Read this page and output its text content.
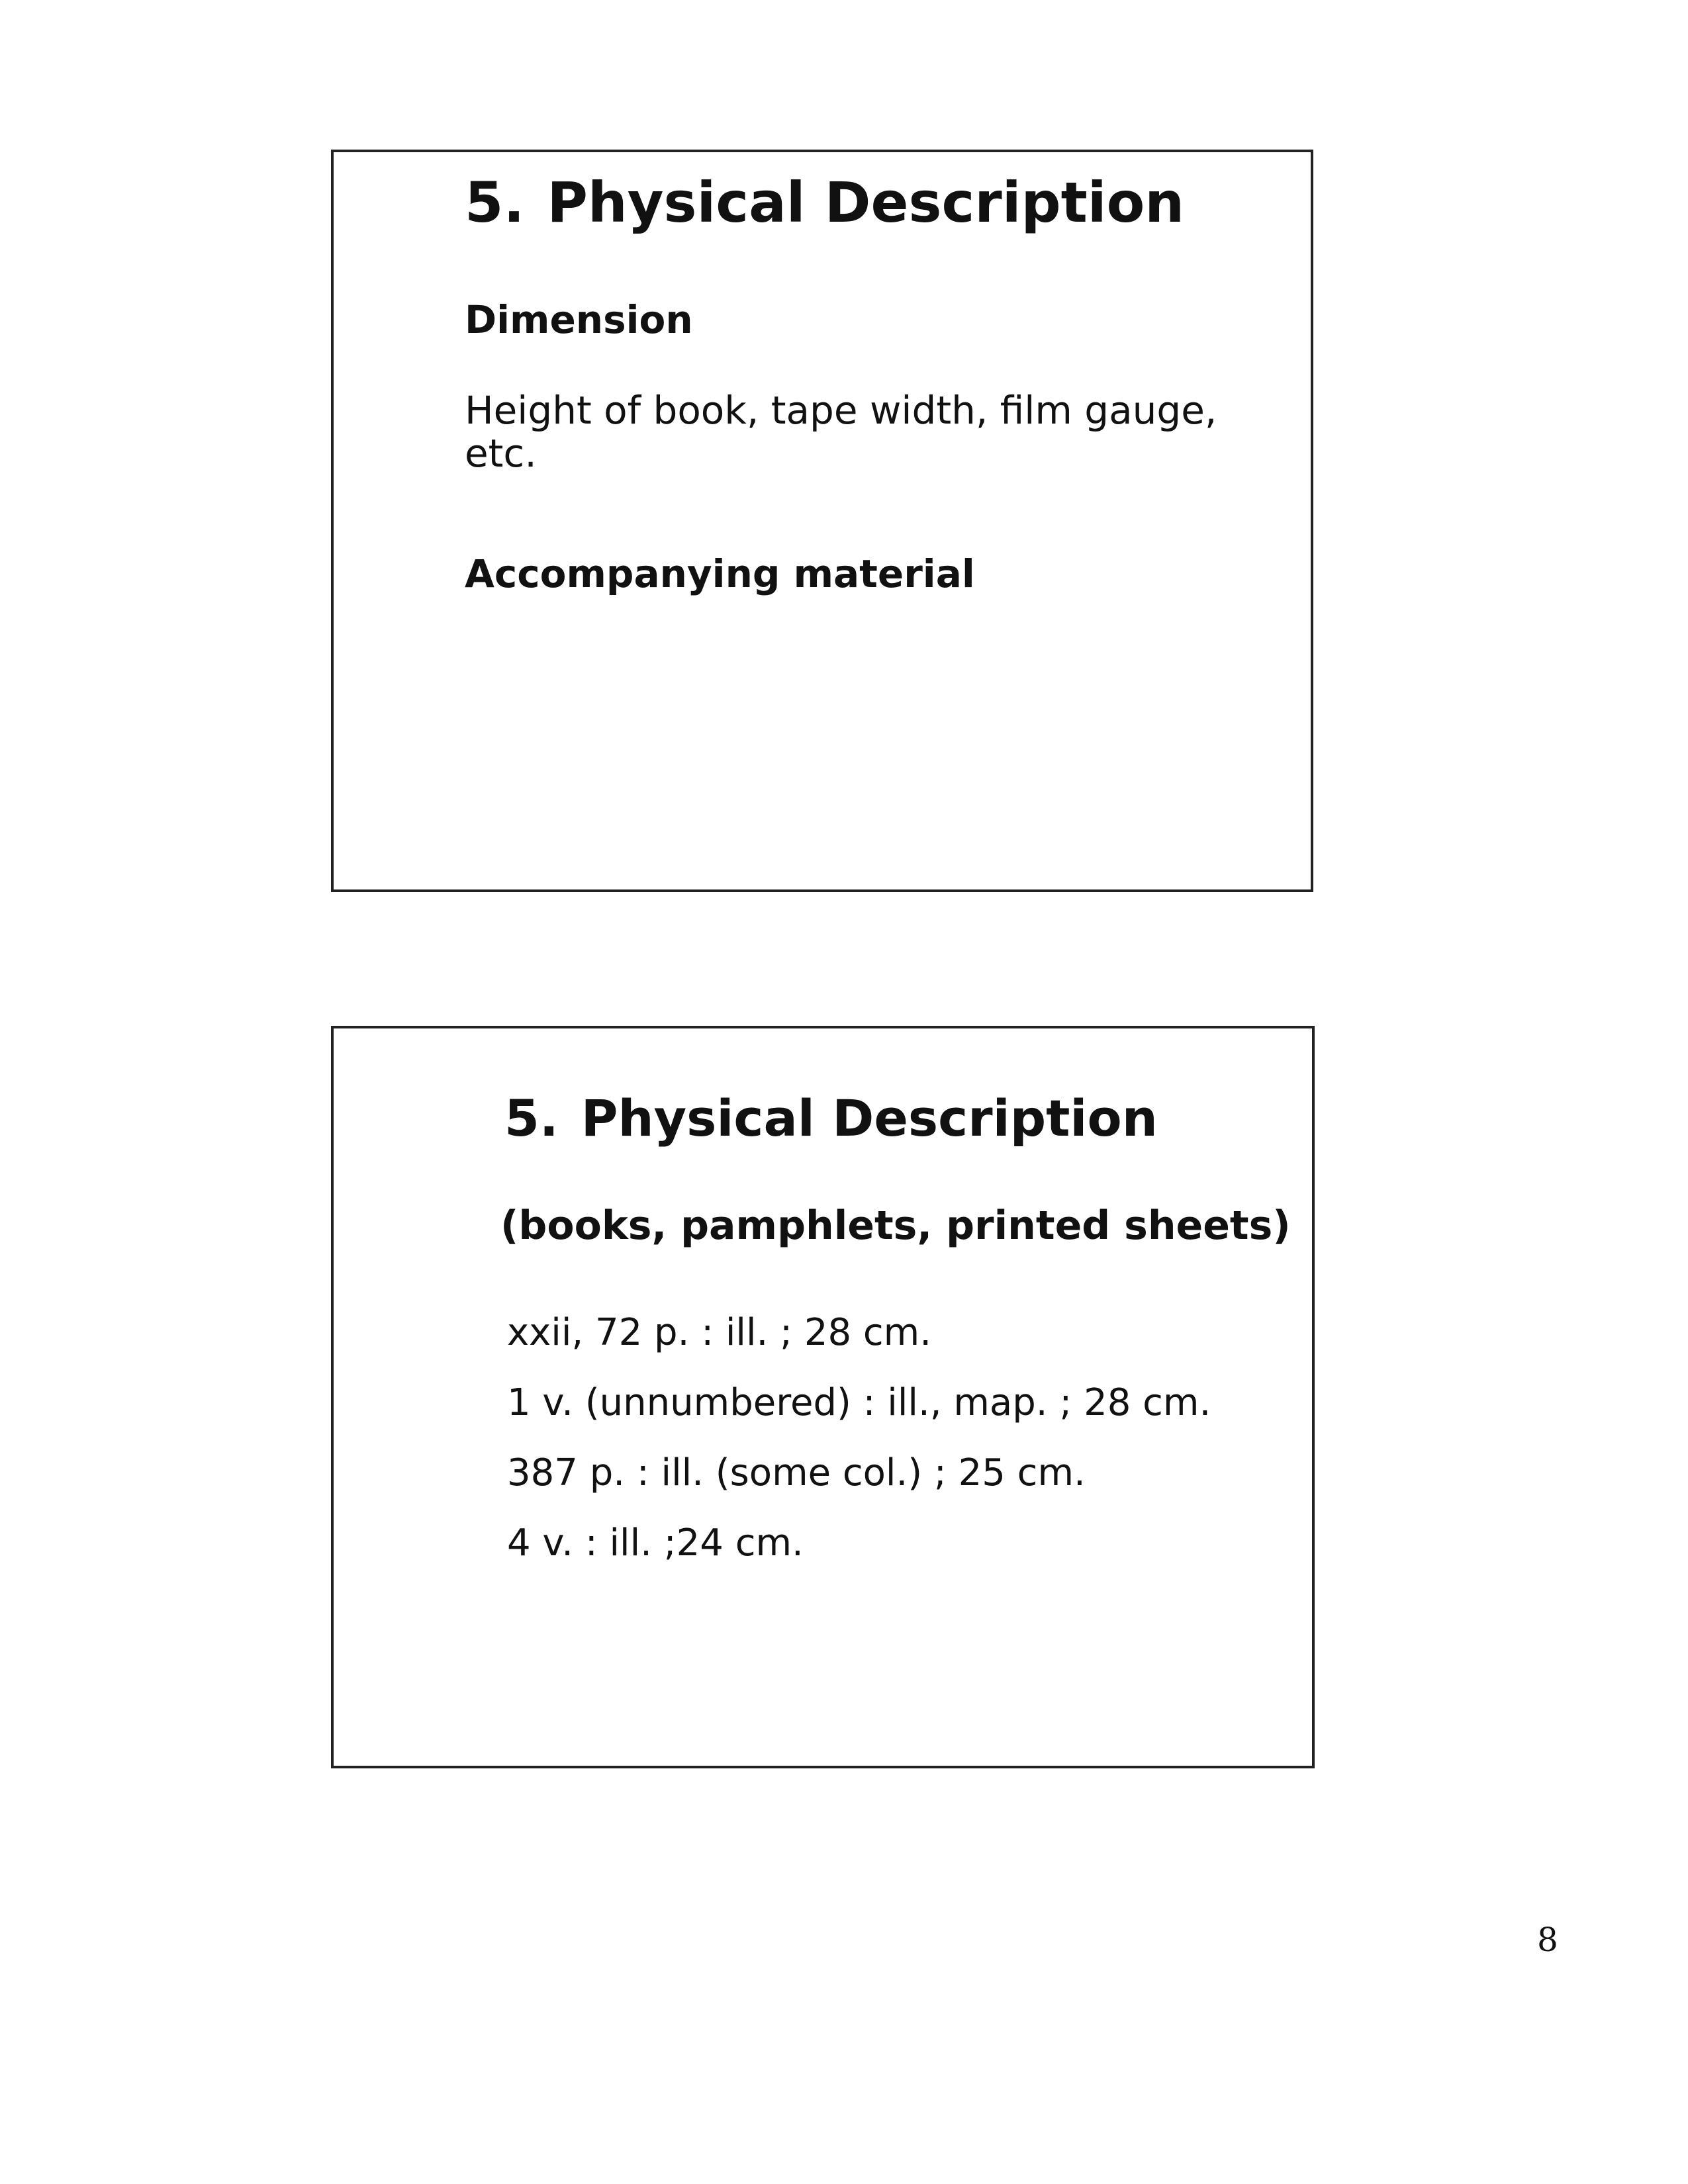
5. Physical Description
Dimension

Height of book, tape width, film gauge, etc.

Accompanying material
5. Physical Description
(books, pamphlets, printed sheets)
xxii, 72 p. : ill. ; 28 cm.
1 v. (unnumbered) : ill., map. ; 28 cm.
387 p. : ill. (some col.) ; 25 cm.
4 v. : ill. ;24 cm.

8
